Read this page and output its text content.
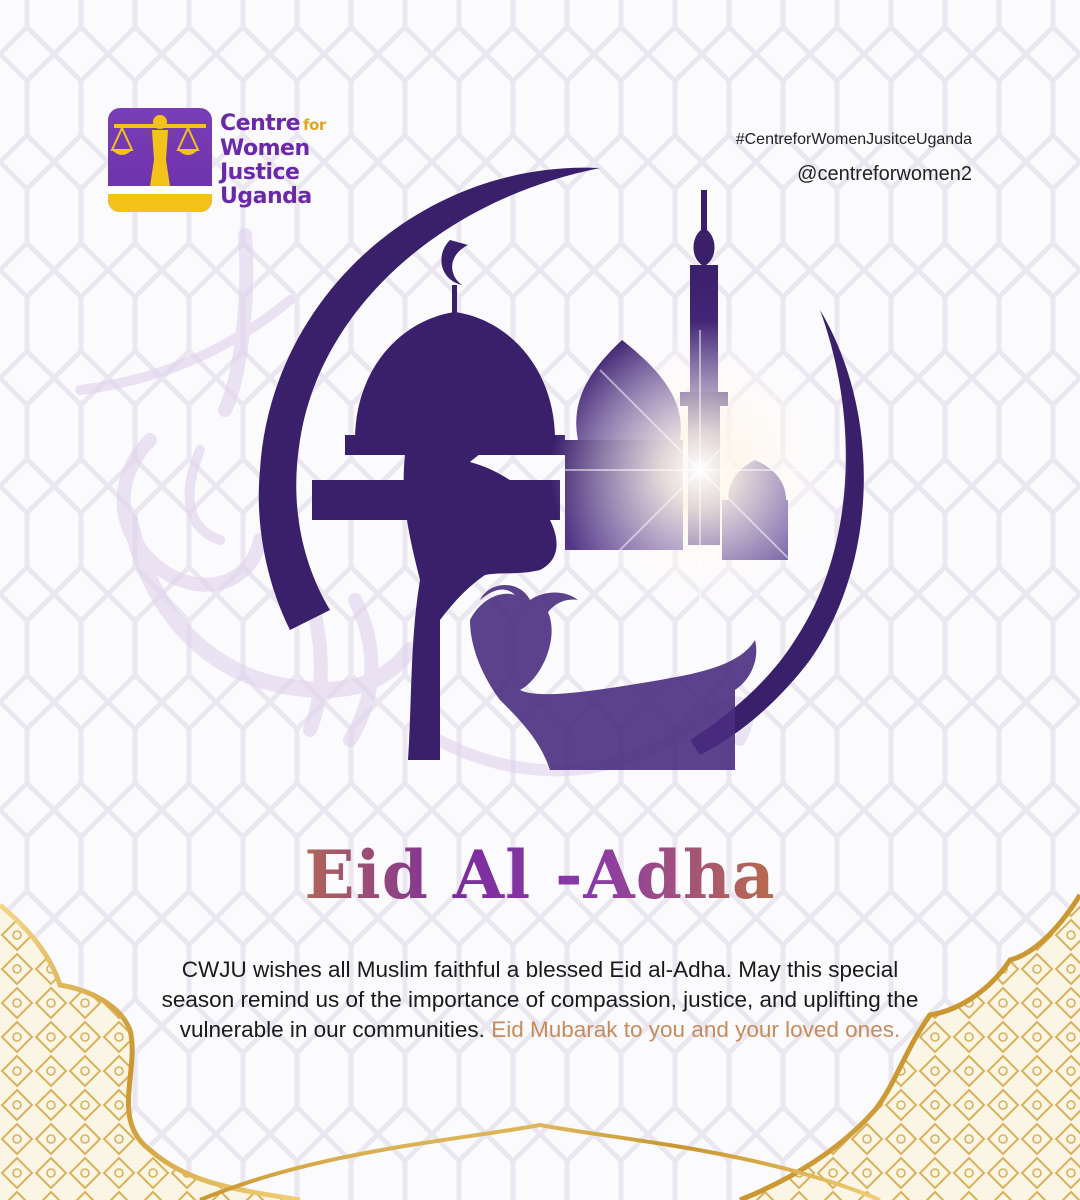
Centre for
Women
Justice
Uganda
#CentreforWomenJusitceUganda
@centreforwomen2
Eid Al -Adha
CWJU wishes all Muslim faithful a blessed Eid al-Adha. May this special season remind us of the importance of compassion, justice, and uplifting the vulnerable in our communities. Eid Mubarak to you and your loved ones.
